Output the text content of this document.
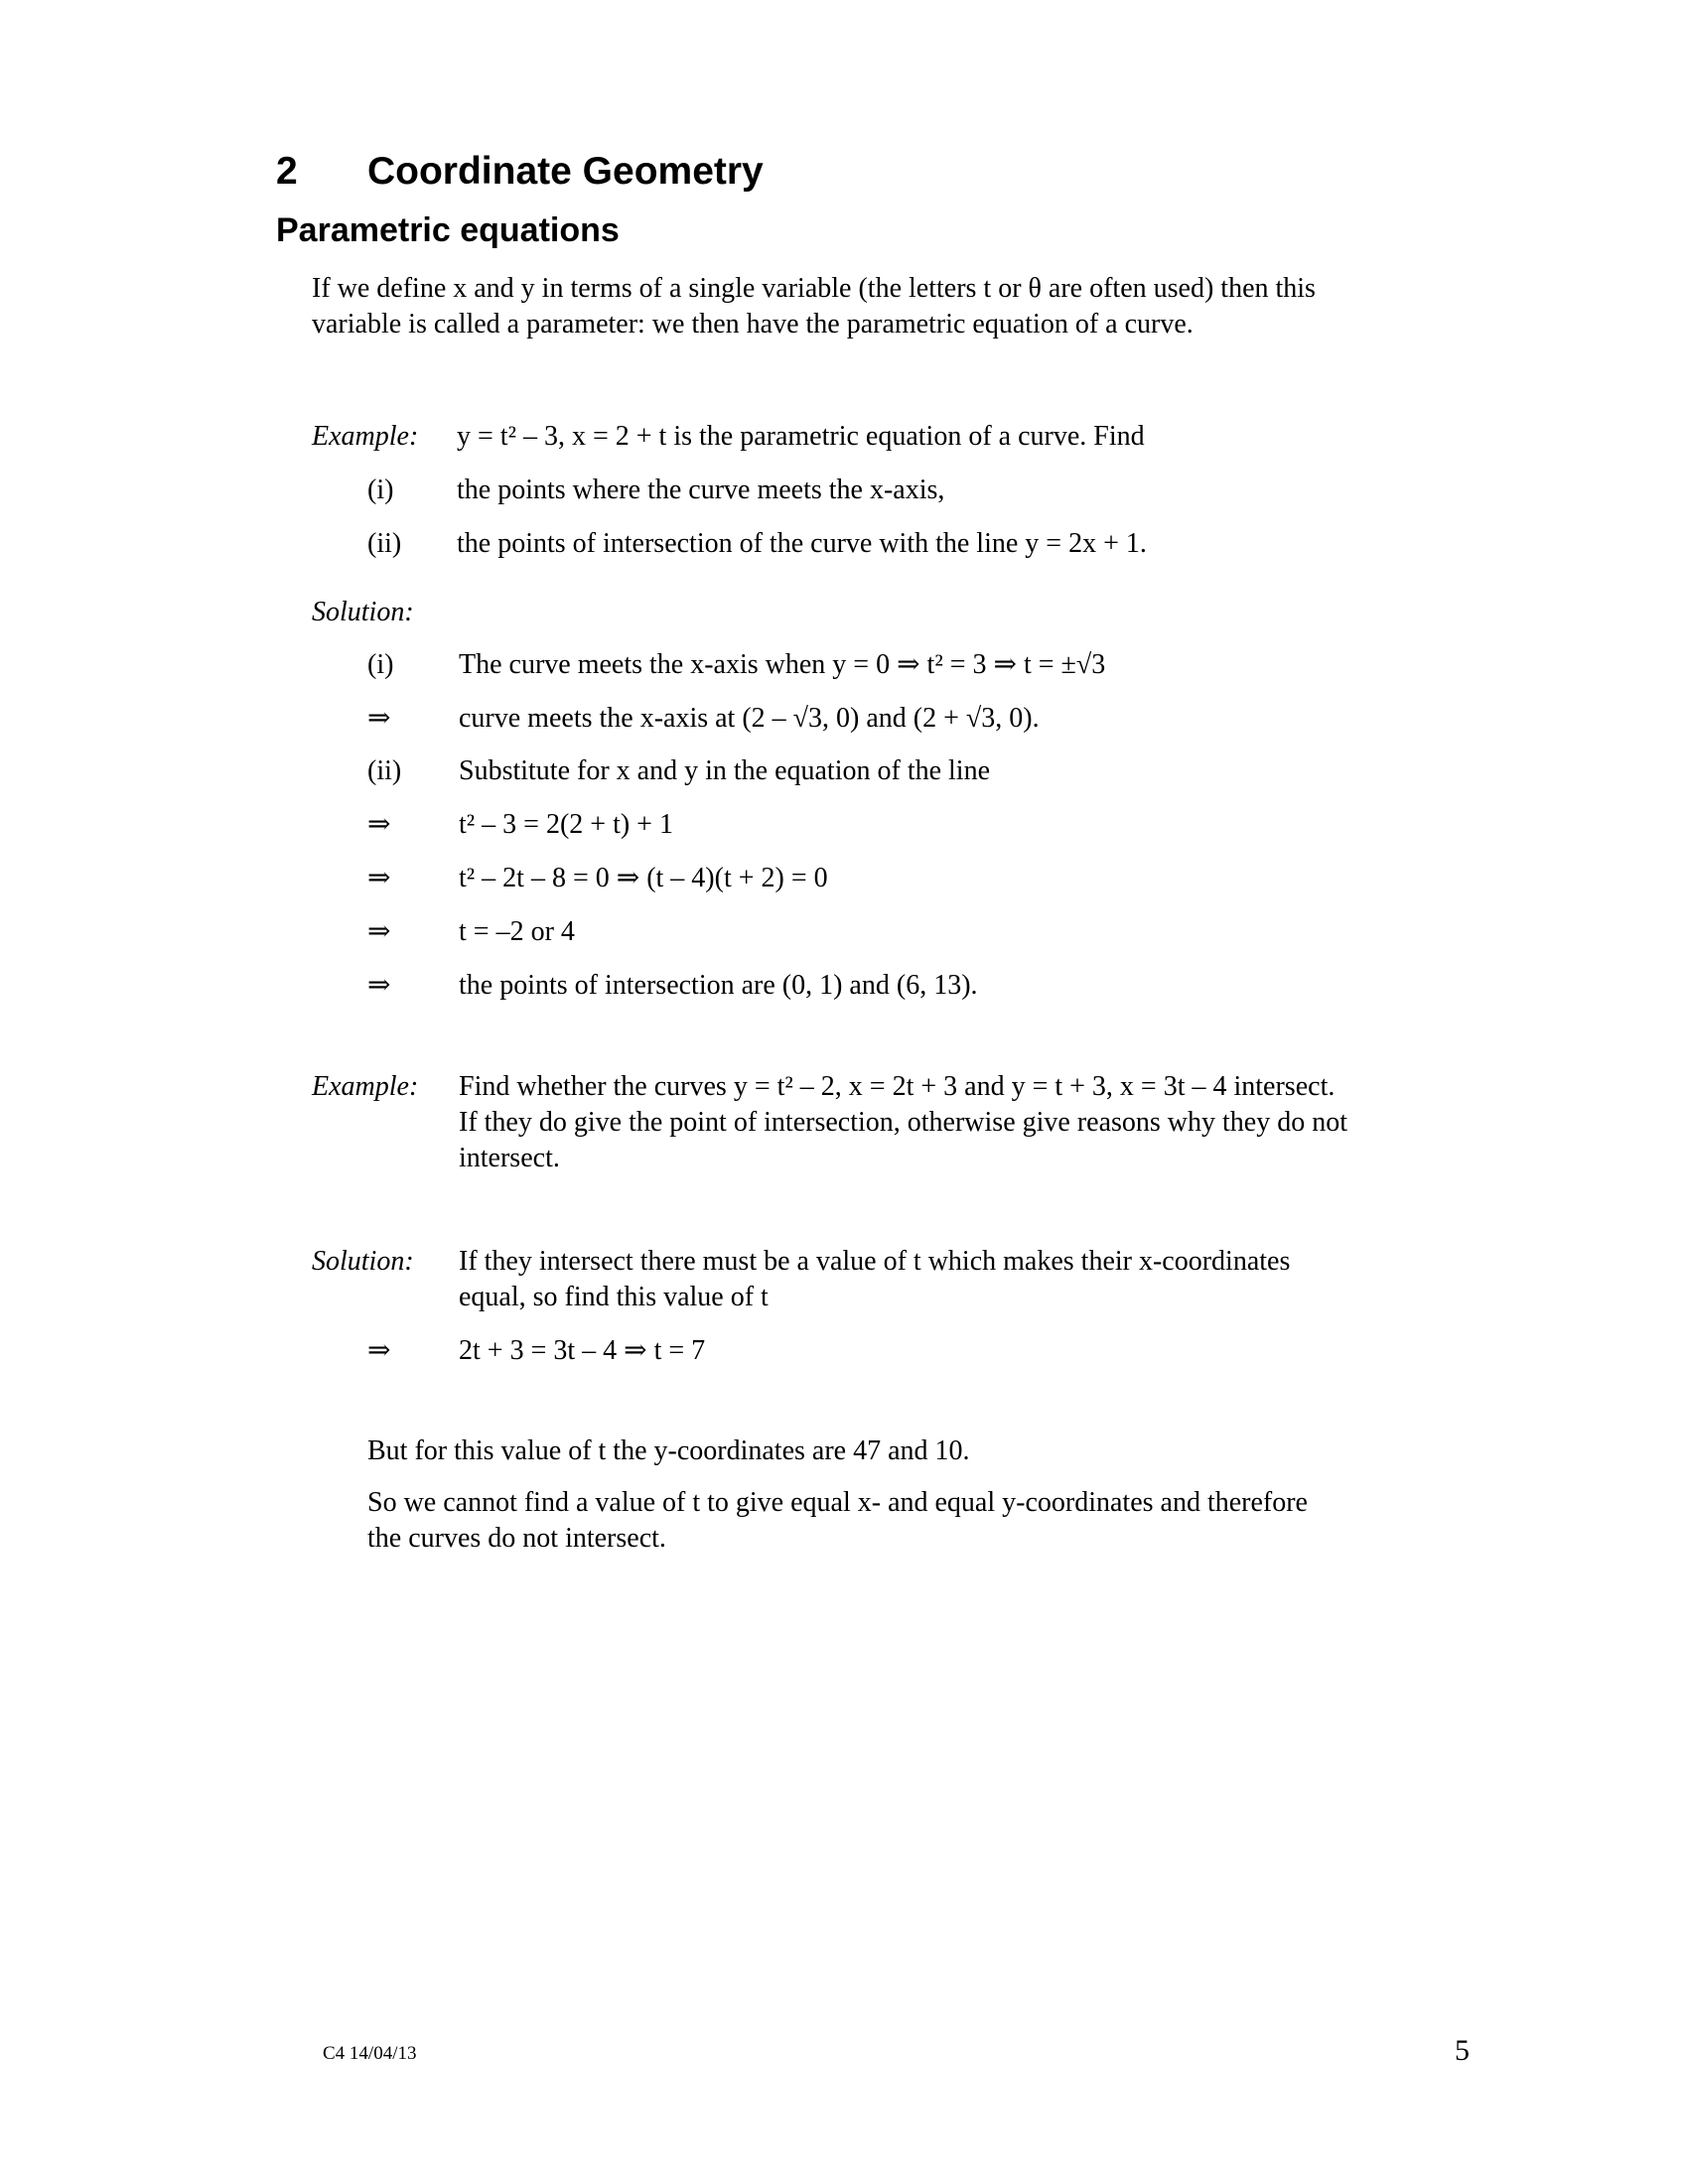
2 Coordinate Geometry
Parametric equations
If we define x and y in terms of a single variable (the letters t or θ are often used) then this
variable is called a parameter: we then have the parametric equation of a curve.
Example: y = t² – 3, x = 2 + t is the parametric equation of a curve. Find
(i) the points where the curve meets the x-axis,
(ii) the points of intersection of the curve with the line y = 2x + 1.
Solution:
(i) The curve meets the x-axis when y = 0 ⇒ t² = 3 ⇒ t = ±√3
⇒ curve meets the x-axis at (2 – √3, 0) and (2 + √3, 0).
(ii) Substitute for x and y in the equation of the line
⇒ t² – 3 = 2(2 + t) + 1
⇒ t² – 2t – 8 = 0 ⇒ (t – 4)(t + 2) = 0
⇒ t = –2 or 4
⇒ the points of intersection are (0, 1) and (6, 13).
Example: Find whether the curves y = t² – 2, x = 2t + 3 and y = t + 3, x = 3t – 4 intersect.
If they do give the point of intersection, otherwise give reasons why they do not
intersect.
Solution: If they intersect there must be a value of t which makes their x-coordinates
equal, so find this value of t
⇒ 2t + 3 = 3t – 4 ⇒ t = 7
But for this value of t the y-coordinates are 47 and 10.
So we cannot find a value of t to give equal x- and equal y-coordinates and therefore
the curves do not intersect.
C4 14/04/13	5
